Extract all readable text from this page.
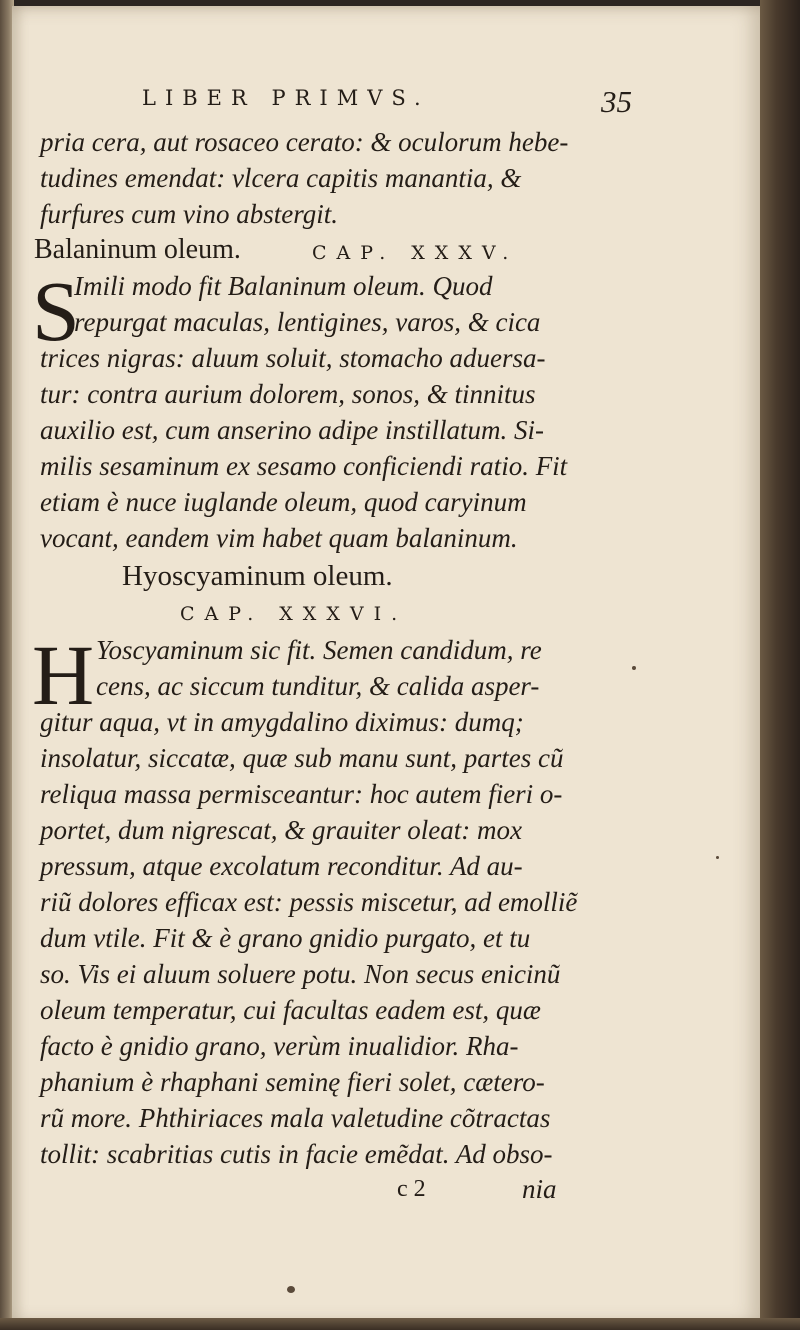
LIBER PRIMVS.	35
pria cera, aut rosaceo cerato: & oculorum hebe-
tudines emendat: vlcera capitis manantia, &
furfures cum vino abstergit.
Balaninum oleum.	CAP. XXXV.
S
Imili modo fit Balaninum oleum. Quod
repurgat maculas, lentigines, varos, & cica
trices nigras: aluum soluit, stomacho aduersa-
tur: contra aurium dolorem, sonos, & tinnitus
auxilio est, cum anserino adipe instillatum. Si-
milis sesaminum ex sesamo conficiendi ratio. Fit
etiam è nuce iuglande oleum, quod caryinum
vocant, eandem vim habet quam balaninum.
Hyoscyaminum oleum.
CAP. XXXVI.
H Yoscyaminum sic fit. Semen candidum, re
cens, ac siccum tunditur, & calida asper-
gitur aqua, vt in amygdalino diximus: dumq;
insolatur, siccatæ, quæ sub manu sunt, partes cũ
reliqua massa permisceantur: hoc autem fieri o-
portet, dum nigrescat, & grauiter oleat: mox
pressum, atque excolatum reconditur. Ad au-
riũ dolores efficax est: pessis miscetur, ad emolliẽ
dum vtile. Fit & è grano gnidio purgato, et tu
so. Vis ei aluum soluere potu. Non secus enicinũ
oleum temperatur, cui facultas eadem est, quæ
facto è gnidio grano, verùm inualidior. Rha-
phanium è rhaphani seminę fieri solet, cætero-
rũ more. Phthiriaces mala valetudine cõtractas
tollit: scabritias cutis in facie emẽdat. Ad obso-
c 2	nia
